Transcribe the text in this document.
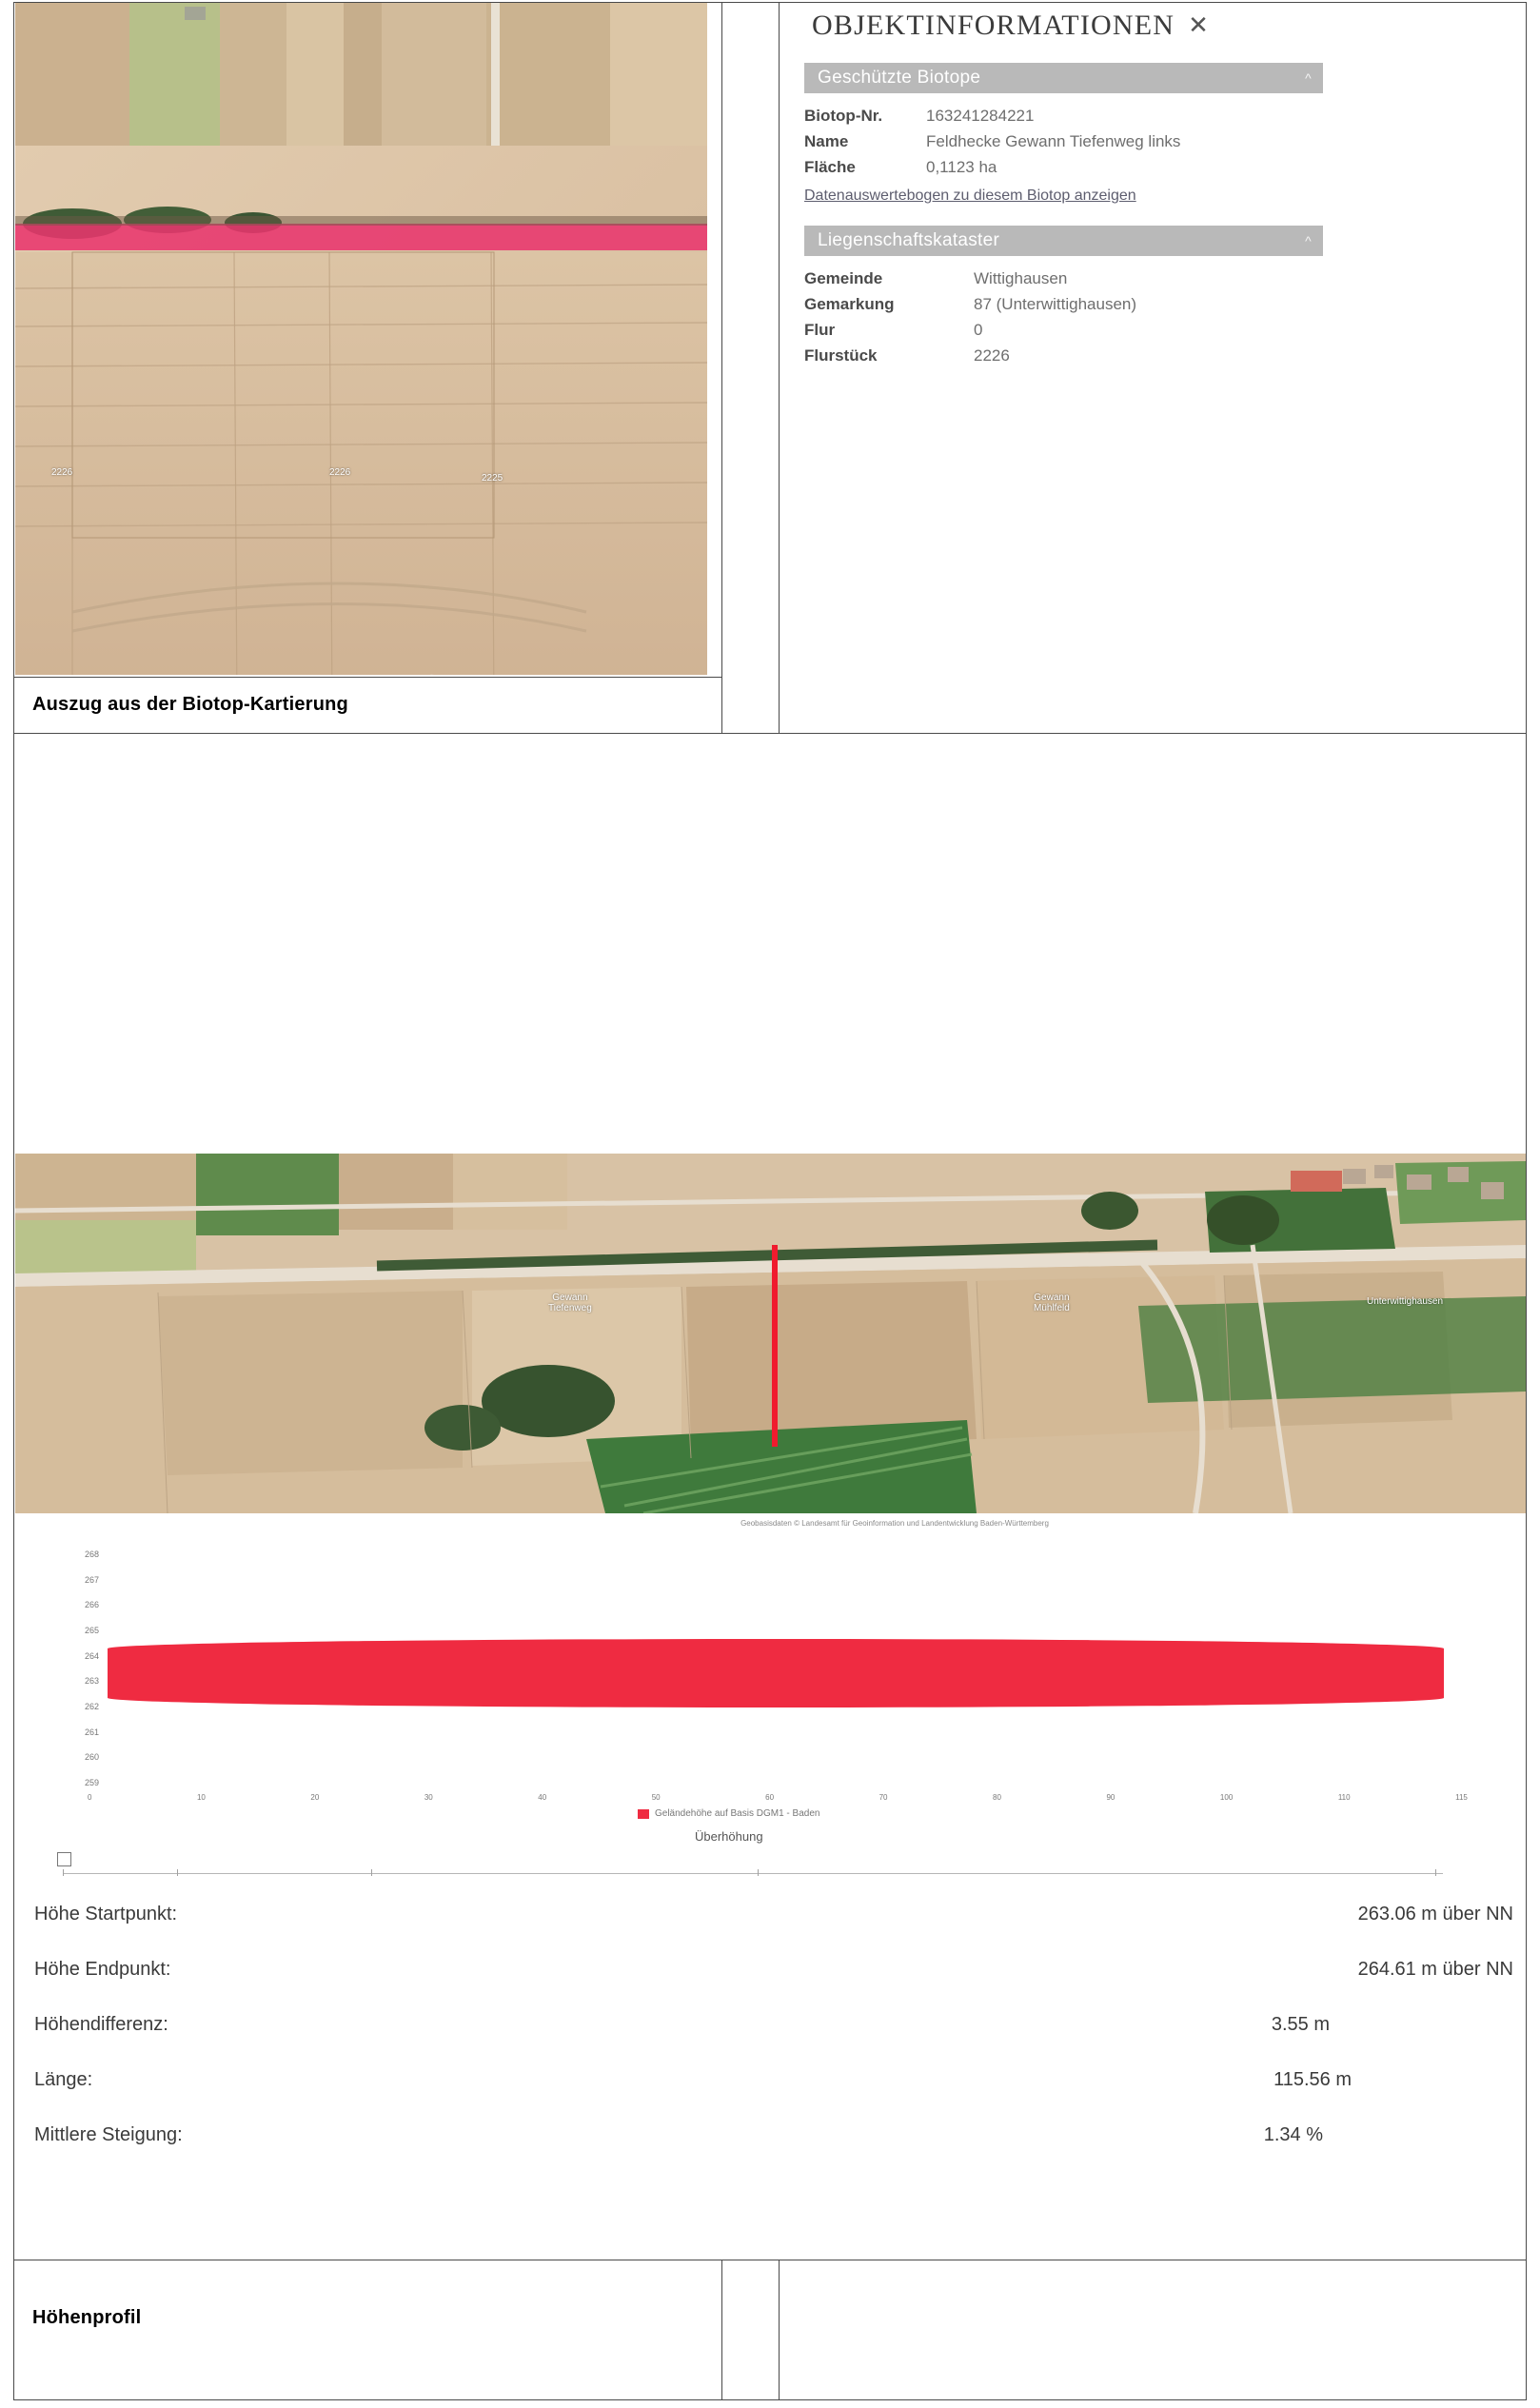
2226	2226
2225
OBJEKTINFORMATIONEN ✕
Geschützte Biotope	^
Biotop-Nr.	163241284221
Name	Feldhecke Gewann Tiefenweg links
Fläche	0,1123 ha
Datenauswertebogen zu diesem Biotop anzeigen
Liegenschaftskataster	^
Gemeinde	Wittighausen
Gemarkung	87 (Unterwittighausen)
Flur	0
Flurstück	2226
Auszug aus der Biotop-Kartierung
Gewann
Tiefenweg
Gewann
Mühlfeld
Unterwittighausen
Geobasisdaten © Landesamt für Geoinformation und Landentwicklung Baden-Württemberg
268
267
266
265
264
263
262
261
260
259
0	10	20	30	40	50	60	70	80	90	100	110	115
Geländehöhe auf Basis DGM1 - Baden
Überhöhung
Höhe Startpunkt:	263.06 m über NN
Höhe Endpunkt:	264.61 m über NN
Höhendifferenz:	3.55 m
Länge:	115.56 m
Mittlere Steigung:	1.34 %
Höhenprofil
